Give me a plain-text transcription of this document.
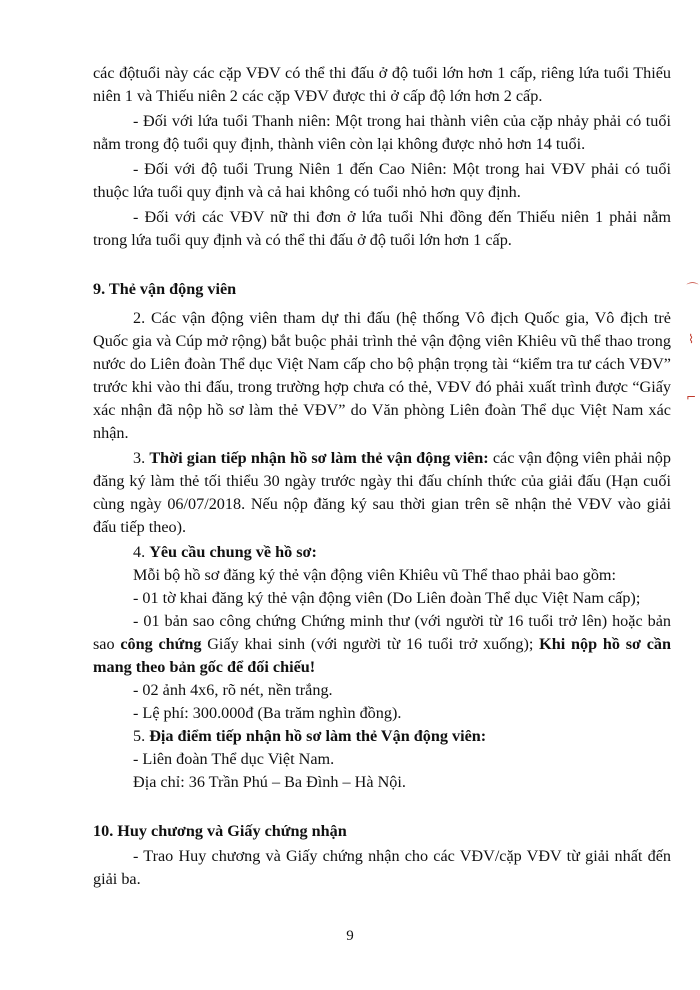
các độtuổi này các cặp VĐV có thể thi đấu ở độ tuổi lớn hơn 1 cấp, riêng lứa tuổi Thiếu niên 1 và Thiếu niên 2 các cặp VĐV được thi ở cấp độ lớn hơn 2 cấp.

- Đối với lứa tuổi Thanh niên: Một trong hai thành viên của cặp nhảy phải có tuổi nằm trong độ tuổi quy định, thành viên còn lại không được nhỏ hơn 14 tuổi.

- Đối với độ tuổi Trung Niên 1 đến Cao Niên: Một trong hai VĐV phải có tuổi thuộc lứa tuổi quy định và cả hai không có tuổi nhỏ hơn quy định.

- Đối với các VĐV nữ thi đơn ở lứa tuổi Nhi đồng đến Thiếu niên 1 phải nằm trong lứa tuổi quy định và có thể thi đấu ở độ tuổi lớn hơn 1 cấp.

9. Thẻ vận động viên

2. Các vận động viên tham dự thi đấu (hệ thống Vô địch Quốc gia, Vô địch trẻ Quốc gia và Cúp mở rộng) bắt buộc phải trình thẻ vận động viên Khiêu vũ thể thao trong nước do Liên đoàn Thể dục Việt Nam cấp cho bộ phận trọng tài “kiểm tra tư cách VĐV” trước khi vào thi đấu, trong trường hợp chưa có thẻ, VĐV đó phải xuất trình được “Giấy xác nhận đã nộp hồ sơ làm thẻ VĐV” do Văn phòng Liên đoàn Thể dục Việt Nam xác nhận.

3. Thời gian tiếp nhận hồ sơ làm thẻ vận động viên: các vận động viên phải nộp đăng ký làm thẻ tối thiểu 30 ngày trước ngày thi đấu chính thức của giải đấu (Hạn cuối cùng ngày 06/07/2018. Nếu nộp đăng ký sau thời gian trên sẽ nhận thẻ VĐV vào giải đấu tiếp theo).

4. Yêu cầu chung về hồ sơ:

Mỗi bộ hồ sơ đăng ký thẻ vận động viên Khiêu vũ Thể thao phải bao gồm:

- 01 tờ khai đăng ký thẻ vận động viên (Do Liên đoàn Thể dục Việt Nam cấp);

- 01 bản sao công chứng Chứng minh thư (với người từ 16 tuổi trở lên) hoặc bản sao công chứng Giấy khai sinh (với người từ 16 tuổi trở xuống); Khi nộp hồ sơ cần mang theo bản gốc để đối chiếu!

- 02 ảnh 4x6, rõ nét, nền trắng.

- Lệ phí: 300.000đ (Ba trăm nghìn đồng).

5. Địa điểm tiếp nhận hồ sơ làm thẻ Vận động viên:

- Liên đoàn Thể dục Việt Nam.

Địa chỉ: 36 Trần Phú – Ba Đình – Hà Nội.

10. Huy chương và Giấy chứng nhận

- Trao Huy chương và Giấy chứng nhận cho các VĐV/cặp VĐV từ giải nhất đến giải ba.

9
⌒
⌇
⌐
